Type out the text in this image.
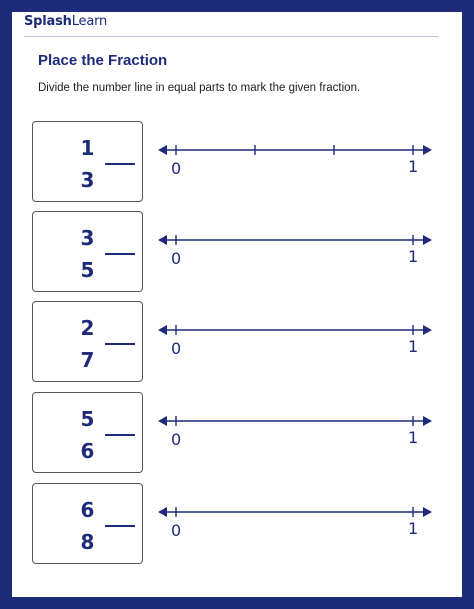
SplashLearn
Place the Fraction
Divide the number line in equal parts to mark the given fraction.
1
3	0	1
3
5	0	1
2
7	0	1
5
6	0	1
6
8	0	1
